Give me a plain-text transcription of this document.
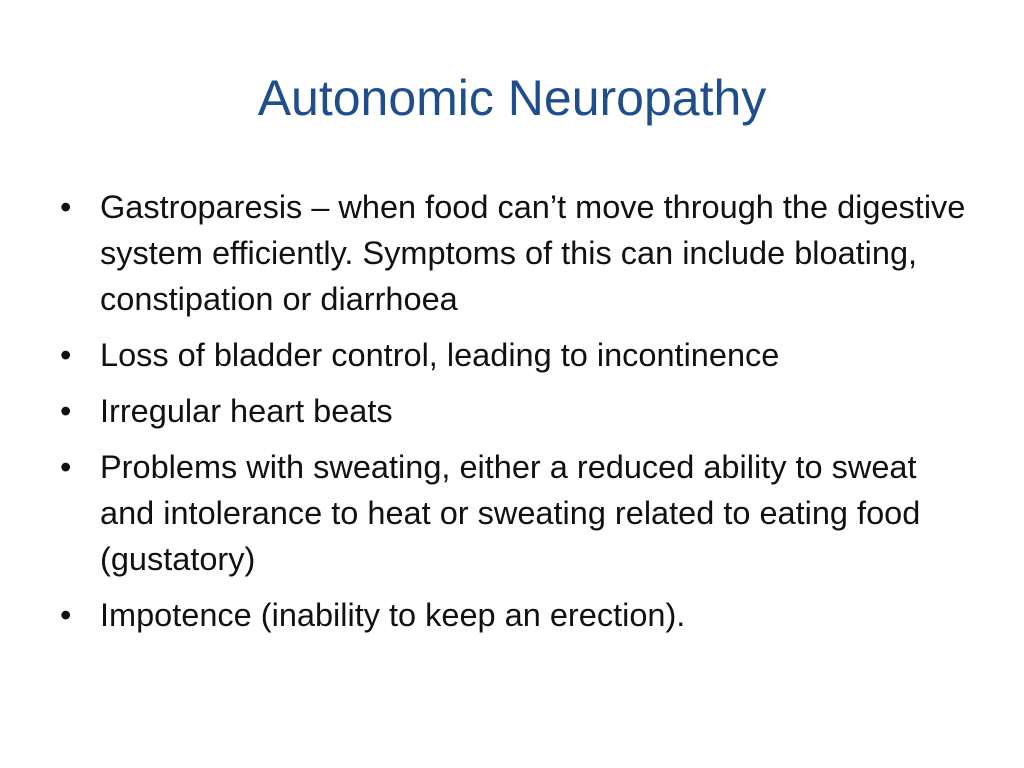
Autonomic Neuropathy
• Gastroparesis – when food can’t move through the digestive system efficiently. Symptoms of this can include bloating, constipation or diarrhoea
• Loss of bladder control, leading to incontinence
• Irregular heart beats
• Problems with sweating, either a reduced ability to sweat and intolerance to heat or sweating related to eating food (gustatory)
• Impotence (inability to keep an erection).
